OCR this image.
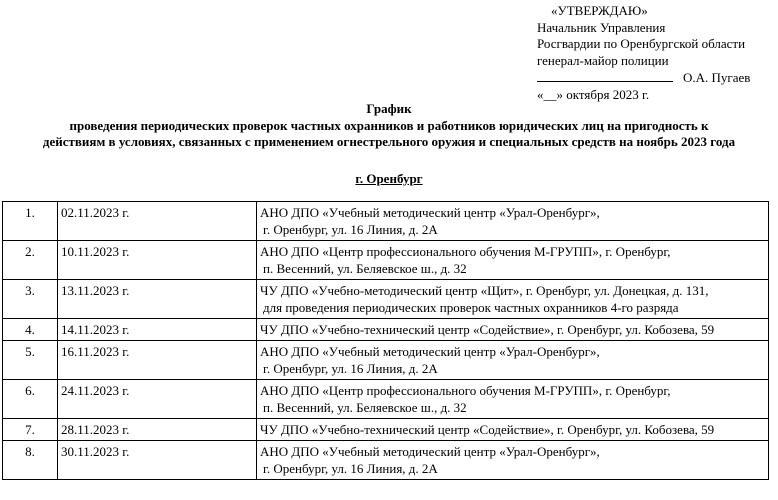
«УТВЕРЖДАЮ»
Начальник Управления
Росгвардии по Оренбургской области
генерал-майор полиции
О.А. Пугаев
«__» октября 2023 г.
График
проведения периодических проверок частных охранников и работников юридических лиц на пригодность к
действиям в условиях, связанных с применением огнестрельного оружия и специальных средств на ноябрь 2023 года
г. Оренбург
1.	02.11.2023 г.	АНО ДПО «Учебный методический центр «Урал-Оренбург»,
г. Оренбург, ул. 16 Линия, д. 2А

2.	10.11.2023 г.	АНО ДПО «Центр профессионального обучения М-ГРУПП», г. Оренбург,
п. Весенний, ул. Беляевское ш., д. 32

3.	13.11.2023 г.	ЧУ ДПО «Учебно-методический центр «Щит», г. Оренбург, ул. Донецкая, д. 131,
для проведения периодических проверок частных охранников 4-го разряда

4.	14.11.2023 г.	ЧУ ДПО «Учебно-технический центр «Содействие», г. Оренбург, ул. Кобозева, 59

5.	16.11.2023 г.	АНО ДПО «Учебный методический центр «Урал-Оренбург»,
г. Оренбург, ул. 16 Линия, д. 2А

6.	24.11.2023 г.	АНО ДПО «Центр профессионального обучения М-ГРУПП», г. Оренбург,
п. Весенний, ул. Беляевское ш., д. 32

7.	28.11.2023 г.	ЧУ ДПО «Учебно-технический центр «Содействие», г. Оренбург, ул. Кобозева, 59

8.	30.11.2023 г.	АНО ДПО «Учебный методический центр «Урал-Оренбург»,
г. Оренбург, ул. 16 Линия, д. 2А
